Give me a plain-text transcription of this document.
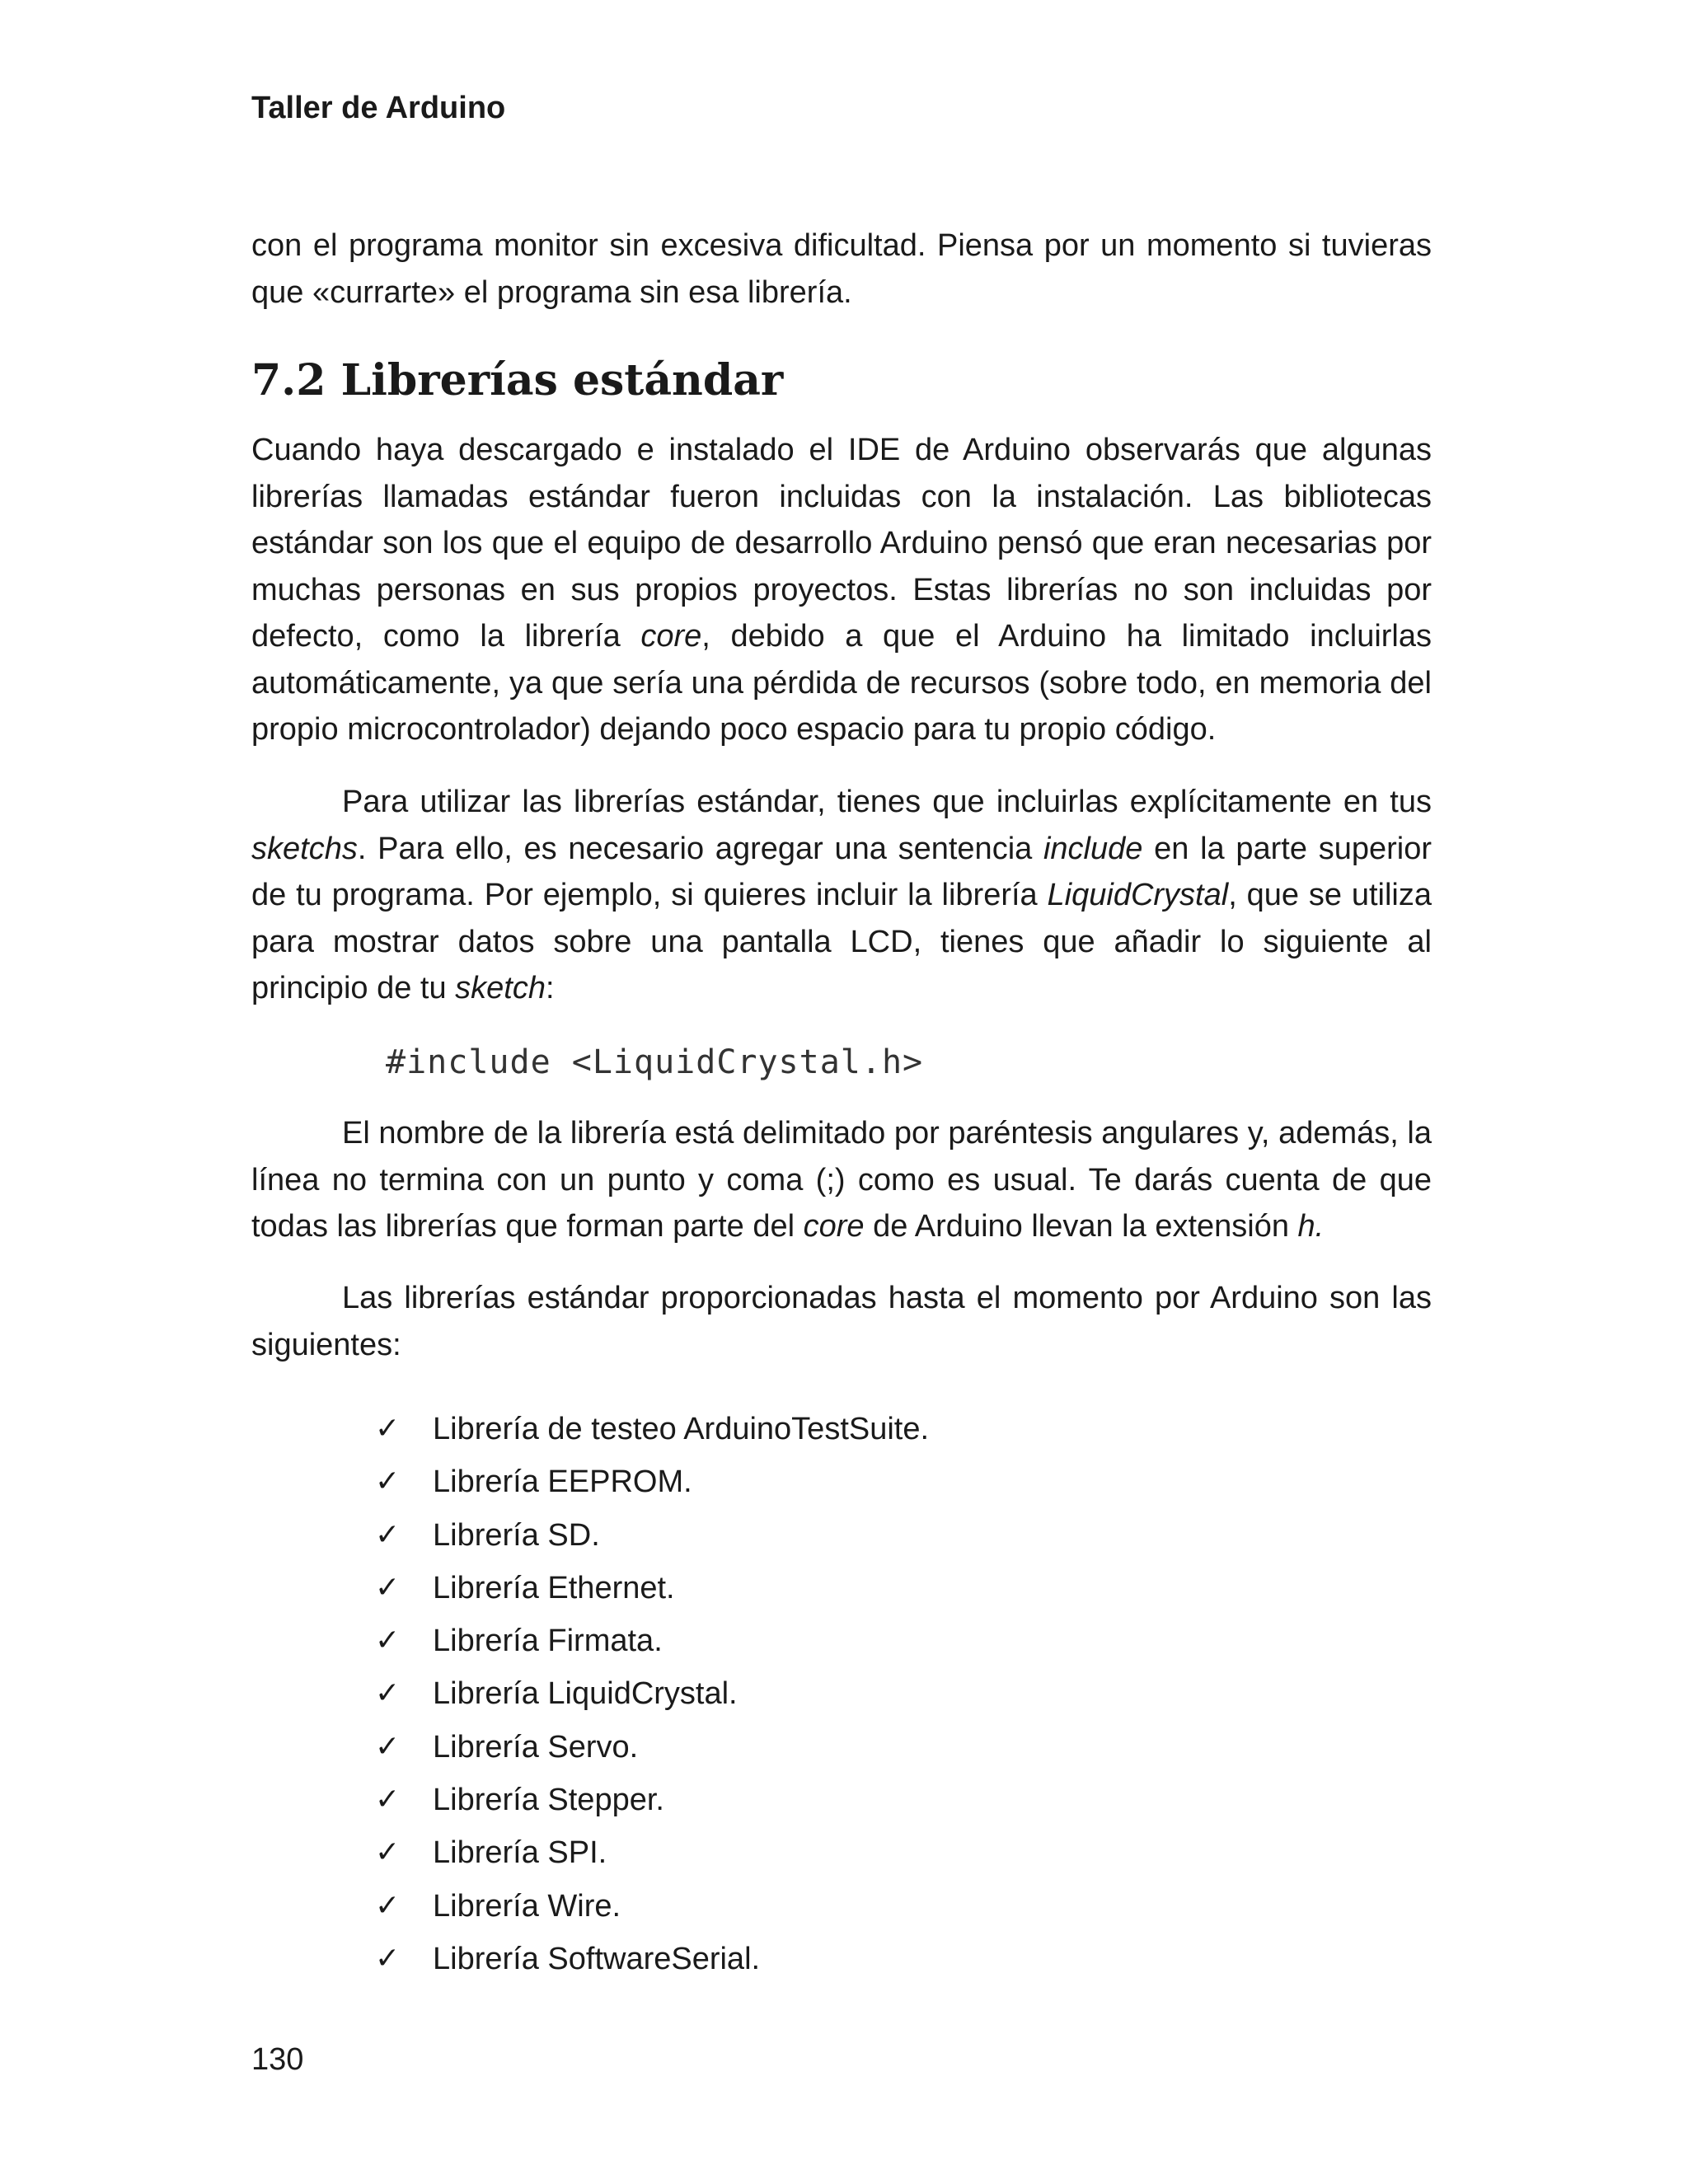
Taller de Arduino

con el programa monitor sin excesiva dificultad. Piensa por un momento si tuvieras que «currarte» el programa sin esa librería.

7.2 Librerías estándar

Cuando haya descargado e instalado el IDE de Arduino observarás que algunas librerías llamadas estándar fueron incluidas con la instalación. Las bibliotecas estándar son los que el equipo de desarrollo Arduino pensó que eran necesarias por muchas personas en sus propios proyectos. Estas librerías no son incluidas por defecto, como la librería core, debido a que el Arduino ha limitado incluirlas automáticamente, ya que sería una pérdida de recursos (sobre todo, en memoria del propio microcontrolador) dejando poco espacio para tu propio código.

Para utilizar las librerías estándar, tienes que incluirlas explícitamente en tus sketchs. Para ello, es necesario agregar una sentencia include en la parte superior de tu programa. Por ejemplo, si quieres incluir la librería LiquidCrystal, que se utiliza para mostrar datos sobre una pantalla LCD, tienes que añadir lo siguiente al principio de tu sketch:

#include <LiquidCrystal.h>

El nombre de la librería está delimitado por paréntesis angulares y, además, la línea no termina con un punto y coma (;) como es usual. Te darás cuenta de que todas las librerías que forman parte del core de Arduino llevan la extensión h.

Las librerías estándar proporcionadas hasta el momento por Arduino son las siguientes:

✓ Librería de testeo ArduinoTestSuite.
✓ Librería EEPROM.
✓ Librería SD.
✓ Librería Ethernet.
✓ Librería Firmata.
✓ Librería LiquidCrystal.
✓ Librería Servo.
✓ Librería Stepper.
✓ Librería SPI.
✓ Librería Wire.
✓ Librería SoftwareSerial.
130
